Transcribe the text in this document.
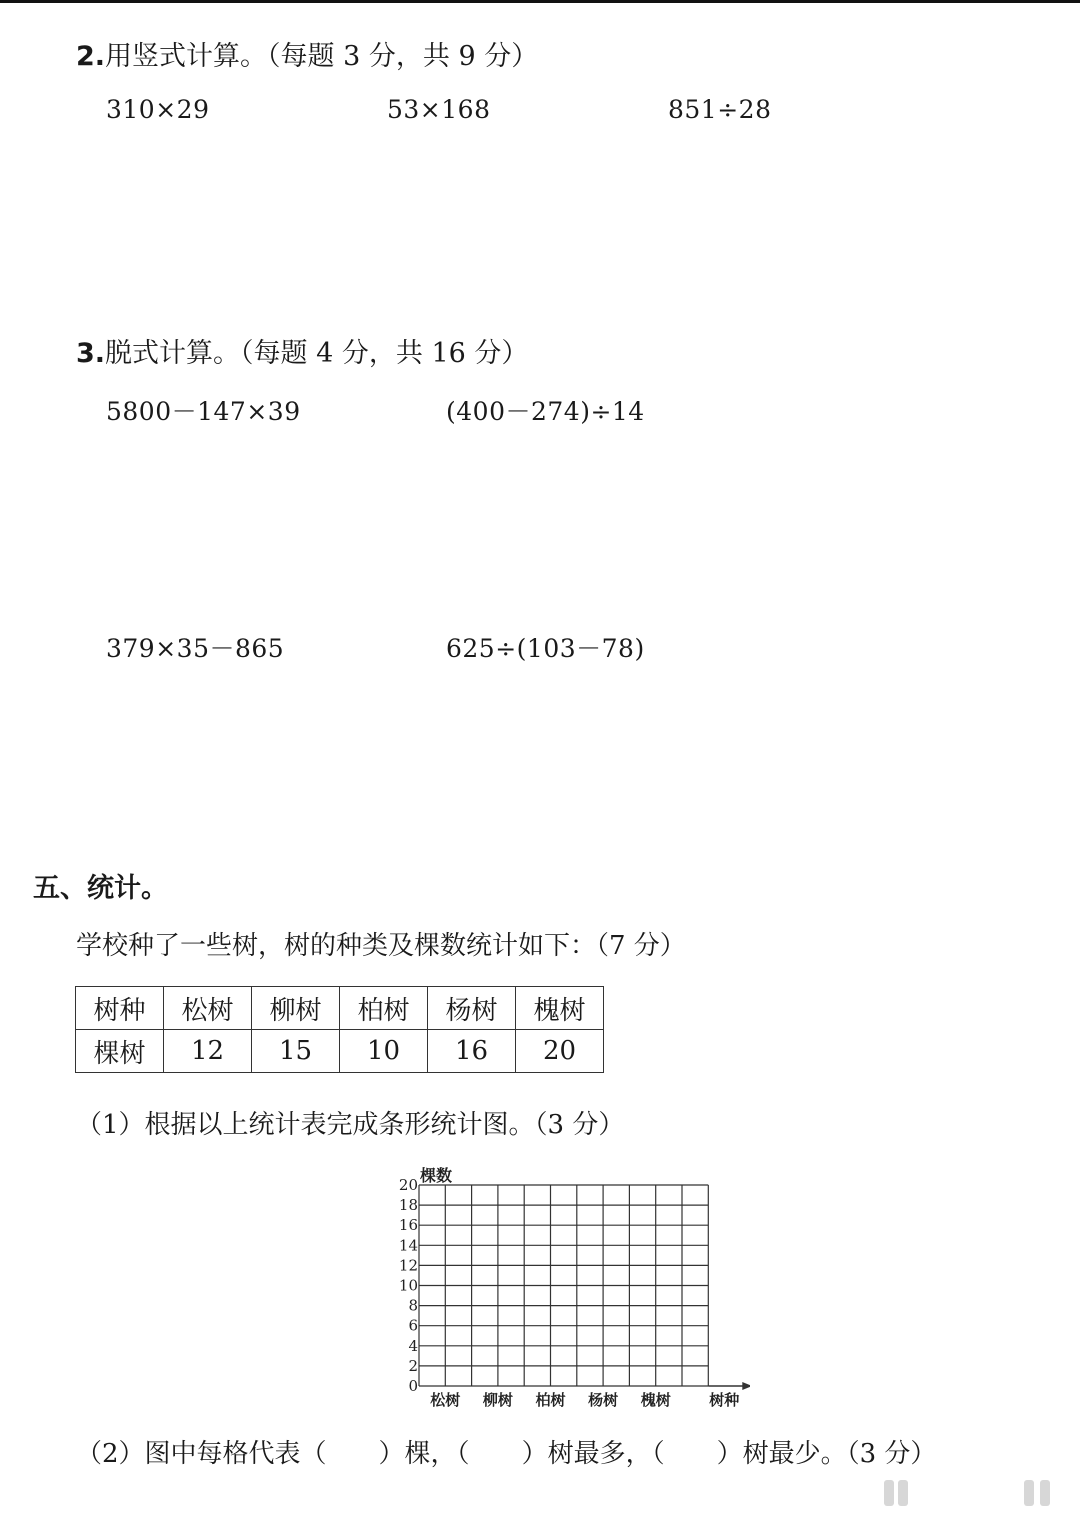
2.用竖式计算。（每题 3 分，共 9 分）
310×29	53×168	851÷28
3.脱式计算。（每题 4 分，共 16 分）
5800－147×39	(400－274)÷14
379×35－865	625÷(103－78)
五、统计。
学校种了一些树，树的种类及棵数统计如下：（7 分）
树种	松树	柳树	柏树	杨树	槐树
棵树	12	15	10	16	20
（1）根据以上统计表完成条形统计图。（3 分）
0
2
4
6
8
10
12
14
16
18
20 棵数
松树 柳树 柏树 杨树 槐树	树种
（2）图中每格代表（ ）棵，（ ）树最多，（ ）树最少。（3 分）
